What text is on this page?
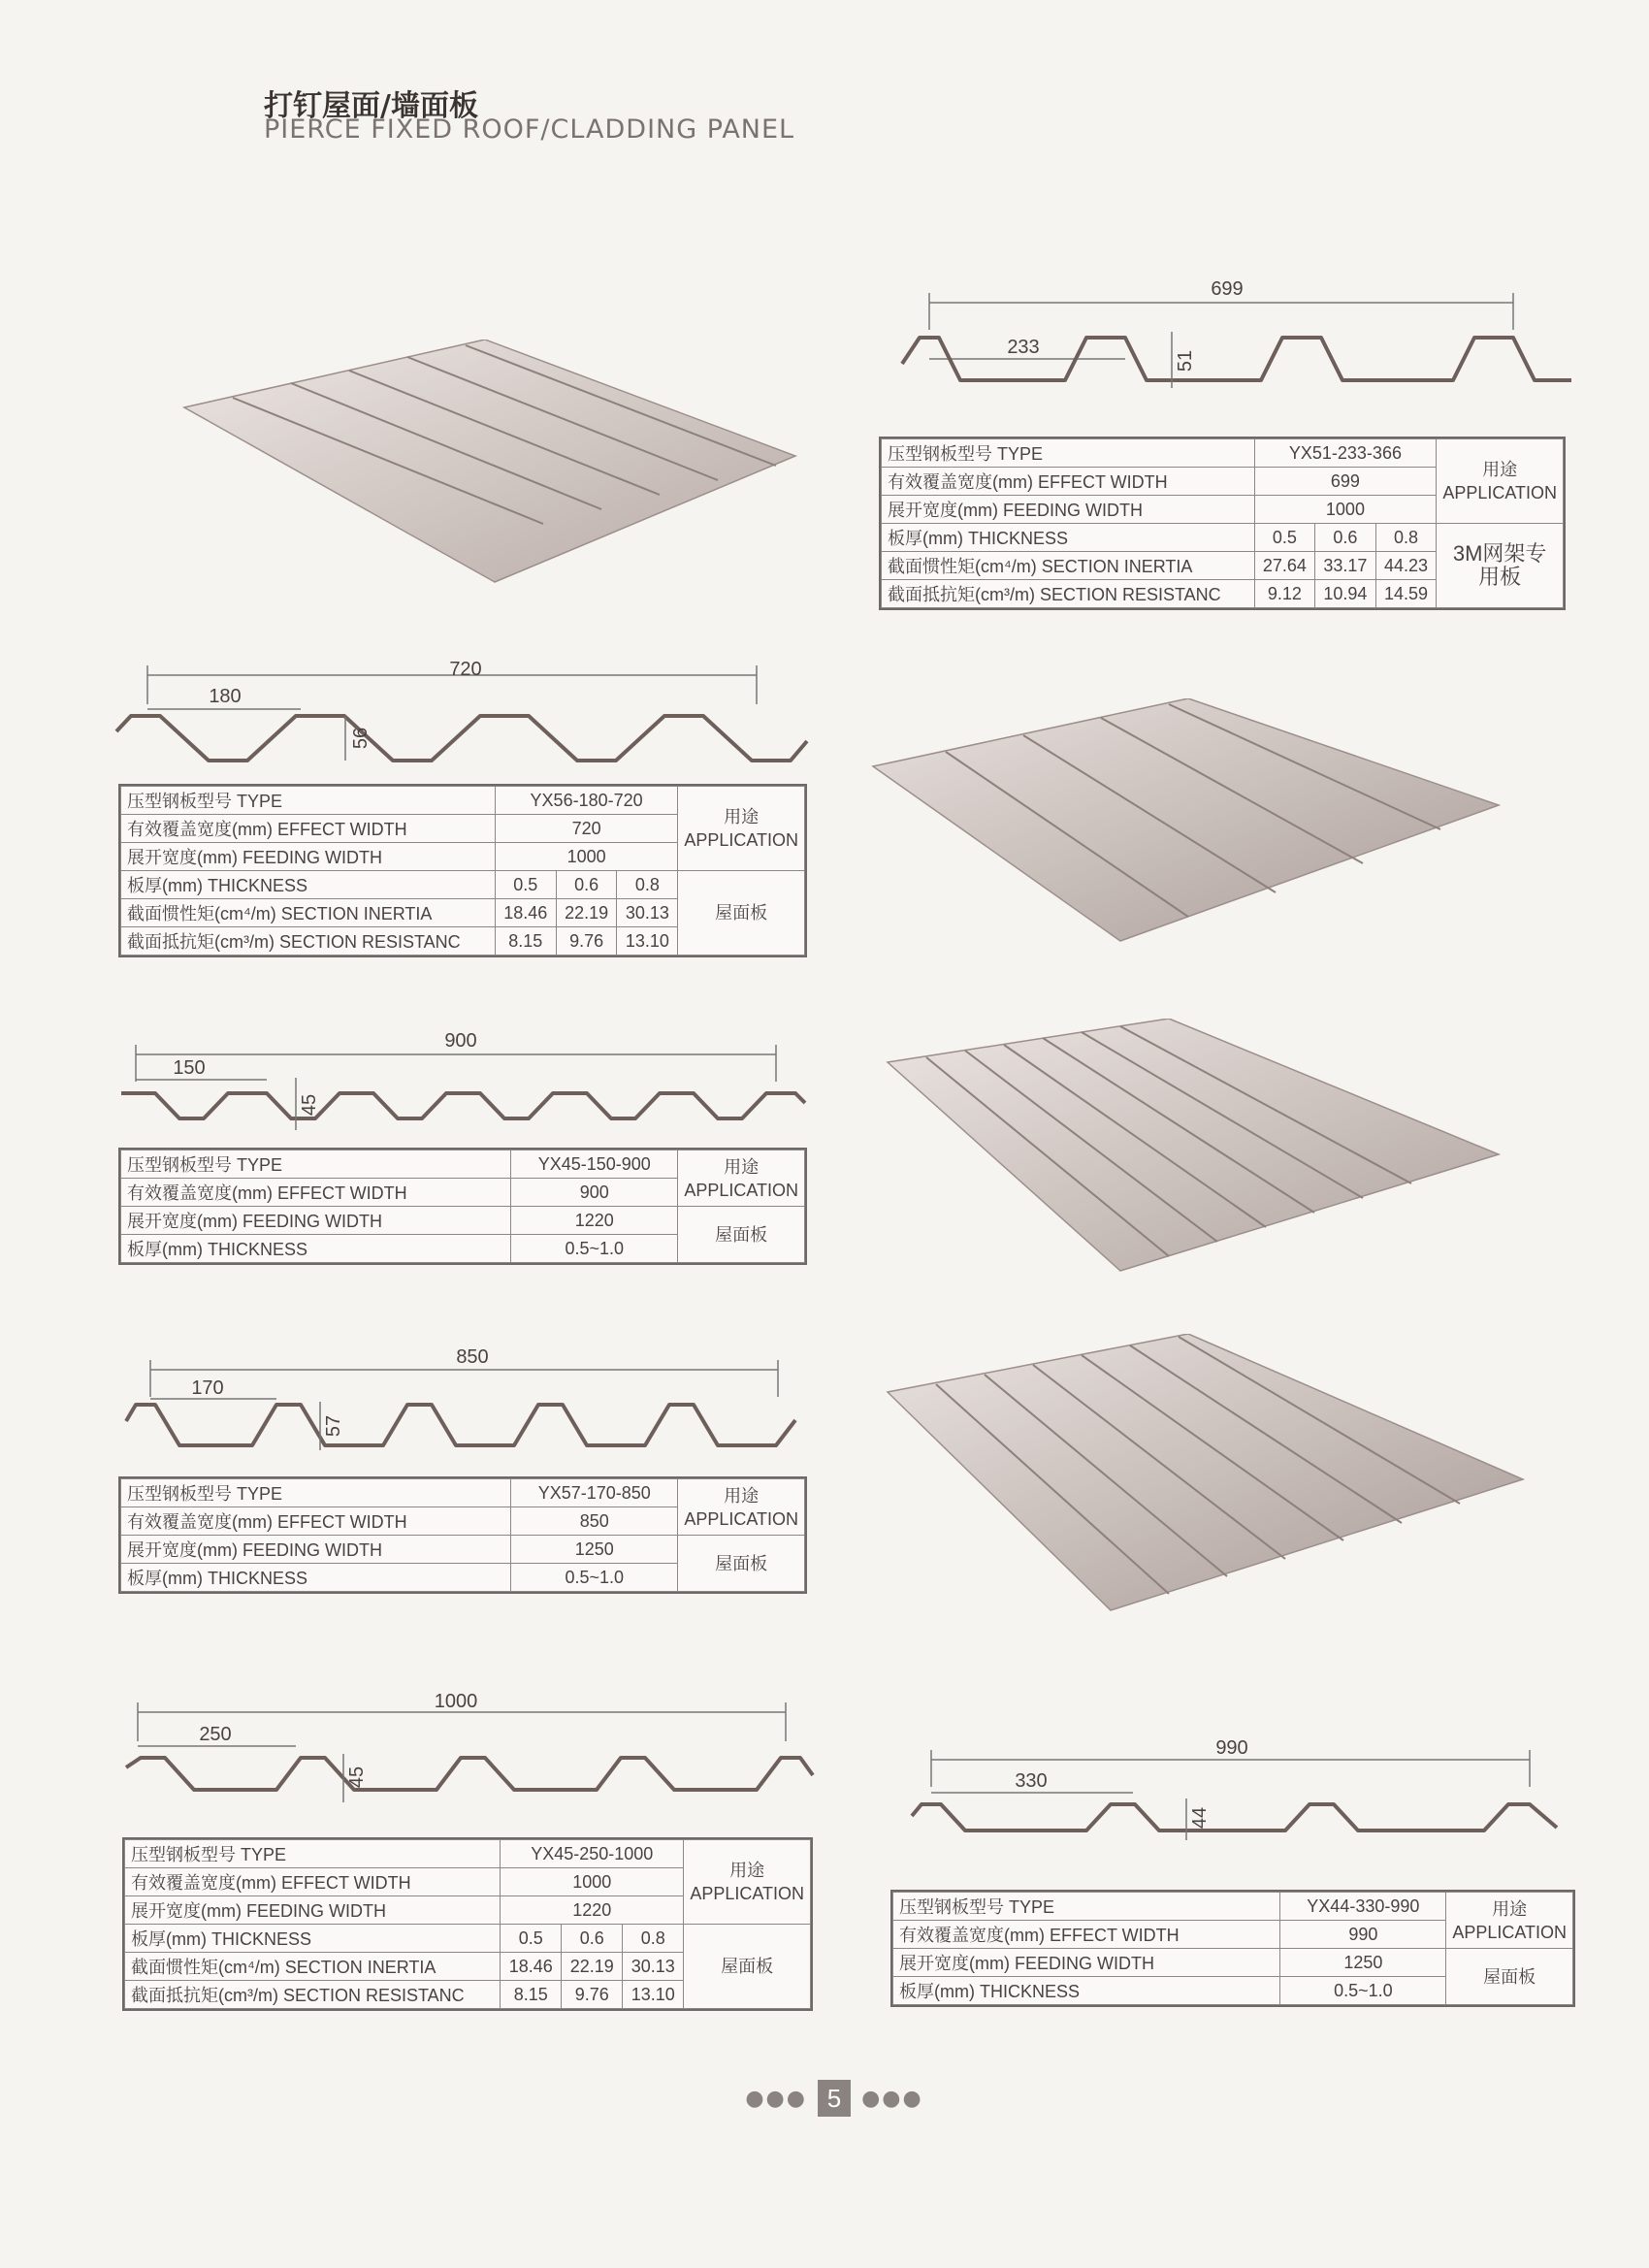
打钉屋面/墙面板
PIERCE FIXED ROOF/CLADDING PANEL
699
233
51
压型钢板型号 TYPE	YX51-233-366			用途 APPLICATION
有效覆盖宽度(mm) EFFECT WIDTH	699			
展开宽度(mm) FEEDING WIDTH	1000			
板厚(mm) THICKNESS	0.5	0.6	0.8	3M网架专用板
截面惯性矩(cm⁴/m) SECTION INERTIA	27.64	33.17	44.23	
截面抵抗矩(cm³/m) SECTION RESISTANC	9.12	10.94	14.59	
720
180
56
压型钢板型号 TYPE	YX56-180-720			用途 APPLICATION
有效覆盖宽度(mm) EFFECT WIDTH	720			
展开宽度(mm) FEEDING WIDTH	1000			
板厚(mm) THICKNESS	0.5	0.6	0.8	屋面板
截面惯性矩(cm⁴/m) SECTION INERTIA	18.46	22.19	30.13	
截面抵抗矩(cm³/m) SECTION RESISTANC	8.15	9.76	13.10	
900
150
45
压型钢板型号 TYPE	YX45-150-900	用途 APPLICATION
有效覆盖宽度(mm) EFFECT WIDTH	900	
展开宽度(mm) FEEDING WIDTH	1220	屋面板
板厚(mm) THICKNESS	0.5~1.0	
850
170
57
压型钢板型号 TYPE	YX57-170-850	用途 APPLICATION
有效覆盖宽度(mm) EFFECT WIDTH	850	
展开宽度(mm) FEEDING WIDTH	1250	屋面板
板厚(mm) THICKNESS	0.5~1.0	
1000
250
45
压型钢板型号 TYPE	YX45-250-1000			用途 APPLICATION
有效覆盖宽度(mm) EFFECT WIDTH	1000			
展开宽度(mm) FEEDING WIDTH	1220			
板厚(mm) THICKNESS	0.5	0.6	0.8	屋面板
截面惯性矩(cm⁴/m) SECTION INERTIA	18.46	22.19	30.13	
截面抵抗矩(cm³/m) SECTION RESISTANC	8.15	9.76	13.10	
990
330
44
压型钢板型号 TYPE	YX44-330-990	用途 APPLICATION
有效覆盖宽度(mm) EFFECT WIDTH	990	
展开宽度(mm) FEEDING WIDTH	1250	屋面板
板厚(mm) THICKNESS	0.5~1.0	
●●● 5 ●●●
